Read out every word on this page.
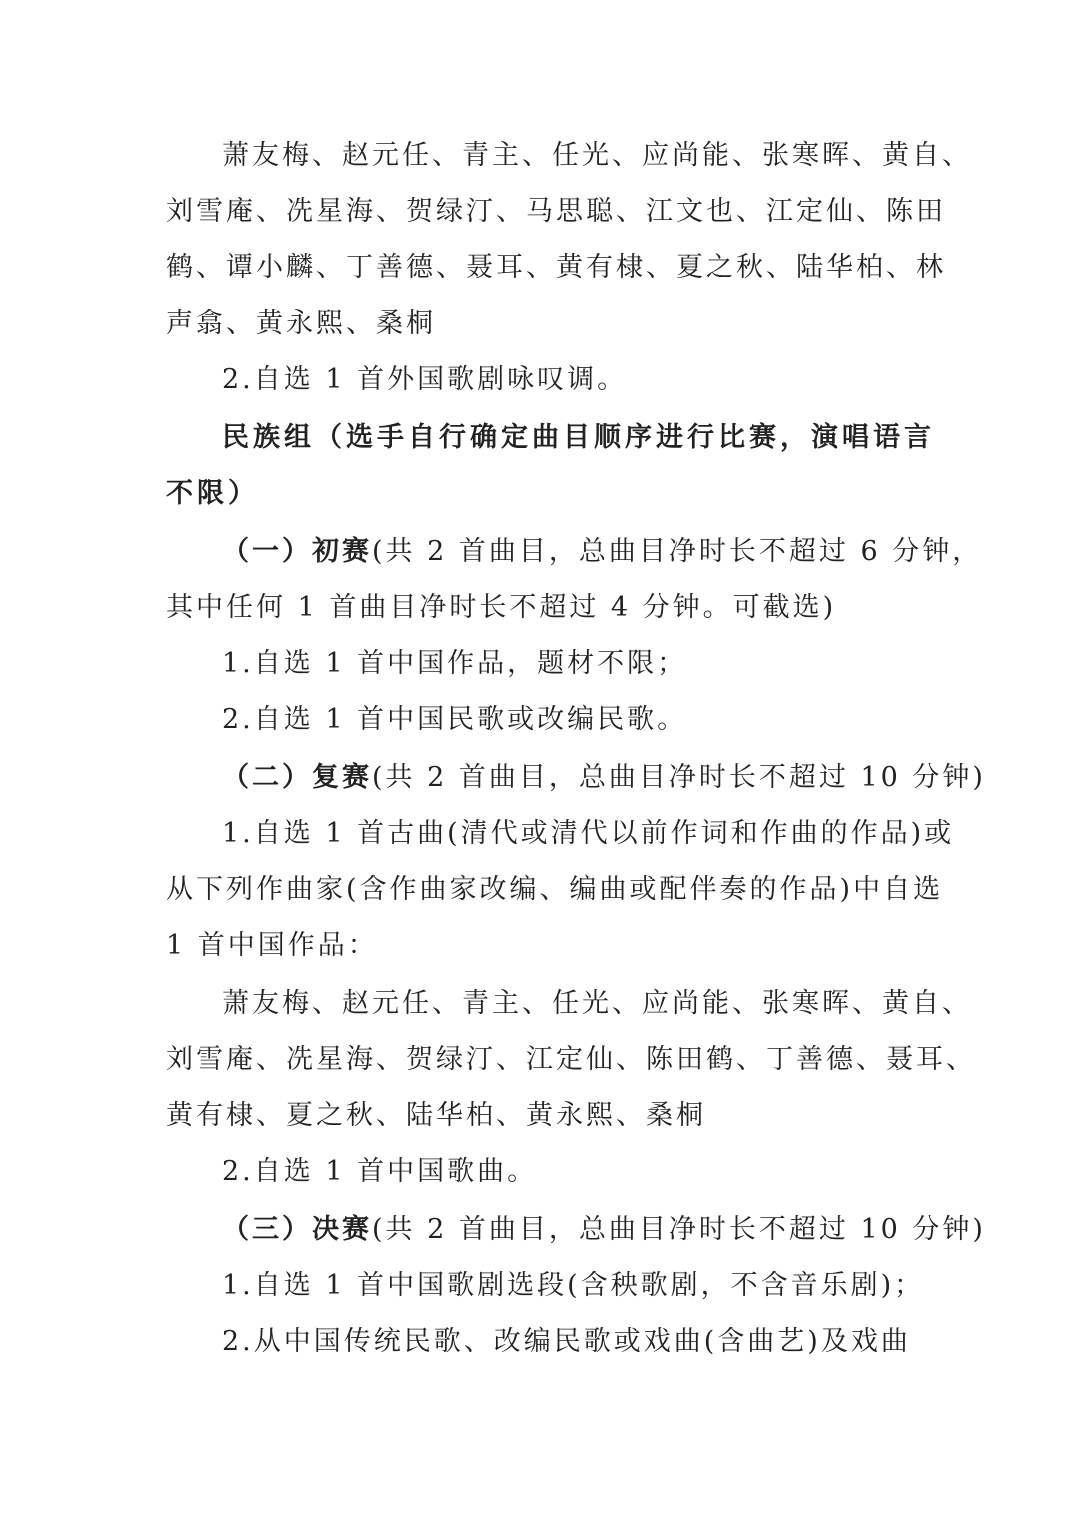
萧友梅、赵元任、青主、任光、应尚能、张寒晖、黄自、
刘雪庵、冼星海、贺绿汀、马思聪、江文也、江定仙、陈田
鹤、谭小麟、丁善德、聂耳、黄有棣、夏之秋、陆华柏、林
声翕、黄永熙、桑桐
2.自选 1 首外国歌剧咏叹调。
民族组（选手自行确定曲目顺序进行比赛，演唱语言
不限）
（一）初赛(共 2 首曲目，总曲目净时长不超过 6 分钟，
其中任何 1 首曲目净时长不超过 4 分钟。可截选)
1.自选 1 首中国作品，题材不限；
2.自选 1 首中国民歌或改编民歌。
（二）复赛(共 2 首曲目，总曲目净时长不超过 10 分钟)
1.自选 1 首古曲(清代或清代以前作词和作曲的作品)或
从下列作曲家(含作曲家改编、编曲或配伴奏的作品)中自选
1 首中国作品：
萧友梅、赵元任、青主、任光、应尚能、张寒晖、黄自、
刘雪庵、冼星海、贺绿汀、江定仙、陈田鹤、丁善德、聂耳、
黄有棣、夏之秋、陆华柏、黄永熙、桑桐
2.自选 1 首中国歌曲。
（三）决赛(共 2 首曲目，总曲目净时长不超过 10 分钟)
1.自选 1 首中国歌剧选段(含秧歌剧，不含音乐剧)；
2.从中国传统民歌、改编民歌或戏曲(含曲艺)及戏曲
